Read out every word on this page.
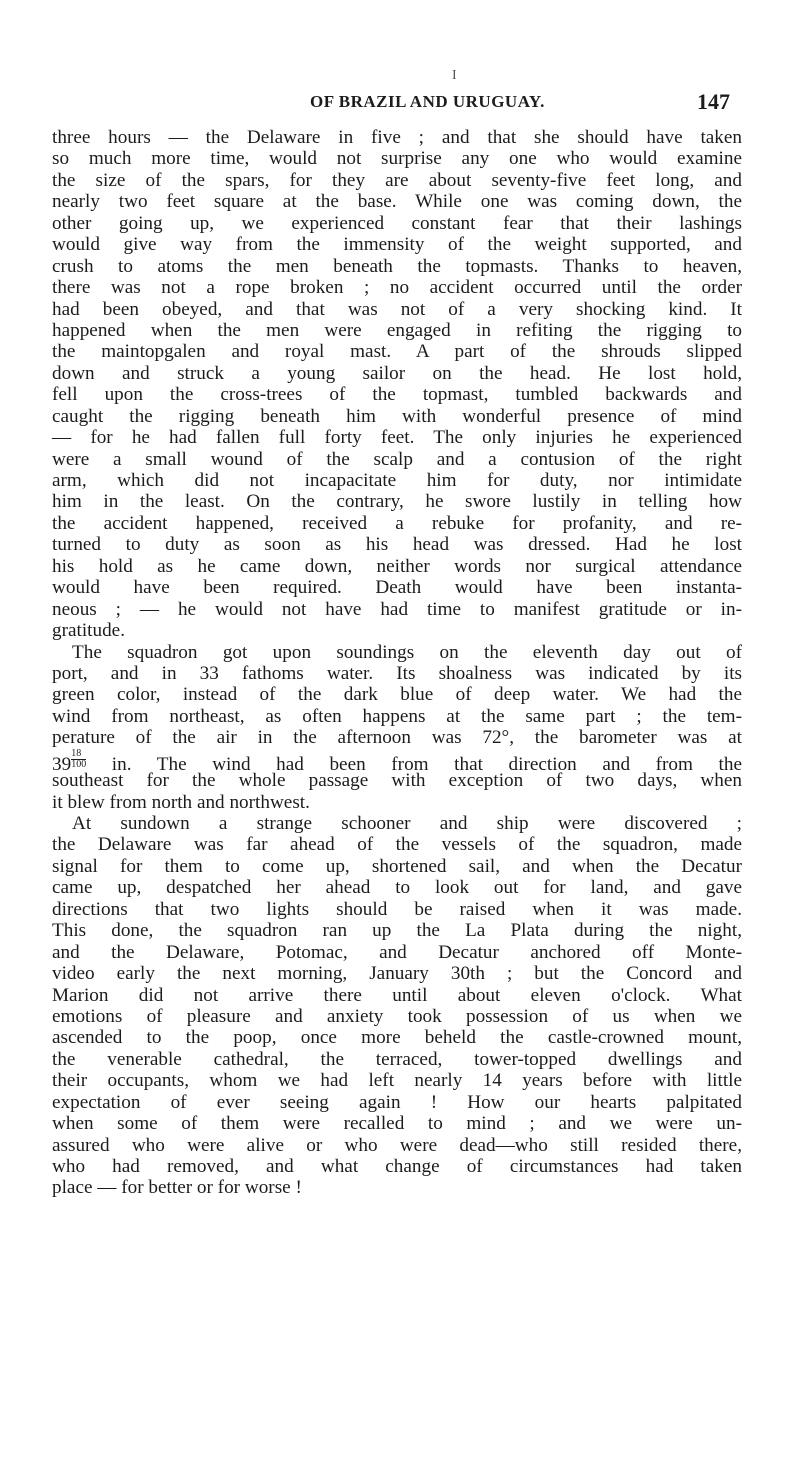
I
OF BRAZIL AND URUGUAY.	147
three hours — the Delaware in five ; and that she should have taken
so much more time, would not surprise any one who would examine
the size of the spars, for they are about seventy-five feet long, and
nearly two feet square at the base. While one was coming down, the
other going up, we experienced constant fear that their lashings
would give way from the immensity of the weight supported, and
crush to atoms the men beneath the topmasts. Thanks to heaven,
there was not a rope broken ; no accident occurred until the order
had been obeyed, and that was not of a very shocking kind. It
happened when the men were engaged in refiting the rigging to
the maintopgalen and royal mast. A part of the shrouds slipped
down and struck a young sailor on the head. He lost hold,
fell upon the cross-trees of the topmast, tumbled backwards and
caught the rigging beneath him with wonderful presence of mind
— for he had fallen full forty feet. The only injuries he experienced
were a small wound of the scalp and a contusion of the right
arm, which did not incapacitate him for duty, nor intimidate
him in the least. On the contrary, he swore lustily in telling how
the accident happened, received a rebuke for profanity, and re-
turned to duty as soon as his head was dressed. Had he lost
his hold as he came down, neither words nor surgical attendance
would have been required. Death would have been instanta-
neous ; — he would not have had time to manifest gratitude or in-
gratitude.
The squadron got upon soundings on the eleventh day out of
port, and in 33 fathoms water. Its shoalness was indicated by its
green color, instead of the dark blue of deep water. We had the
wind from northeast, as often happens at the same part ; the tem-
perature of the air in the afternoon was 72°, the barometer was at
$39 \frac{18}{100}$ in. The wind had been from that direction and from the
southeast for the whole passage with exception of two days, when
it blew from north and northwest.
At sundown a strange schooner and ship were discovered ;
the Delaware was far ahead of the vessels of the squadron, made
signal for them to come up, shortened sail, and when the Decatur
came up, despatched her ahead to look out for land, and gave
directions that two lights should be raised when it was made.
This done, the squadron ran up the La Plata during the night,
and the Delaware, Potomac, and Decatur anchored off Monte-
video early the next morning, January 30th ; but the Concord and
Marion did not arrive there until about eleven o'clock. What
emotions of pleasure and anxiety took possession of us when we
ascended to the poop, once more beheld the castle-crowned mount,
the venerable cathedral, the terraced, tower-topped dwellings and
their occupants, whom we had left nearly 14 years before with little
expectation of ever seeing again ! How our hearts palpitated
when some of them were recalled to mind ; and we were un-
assured who were alive or who were dead—who still resided there,
who had removed, and what change of circumstances had taken
place — for better or for worse !
